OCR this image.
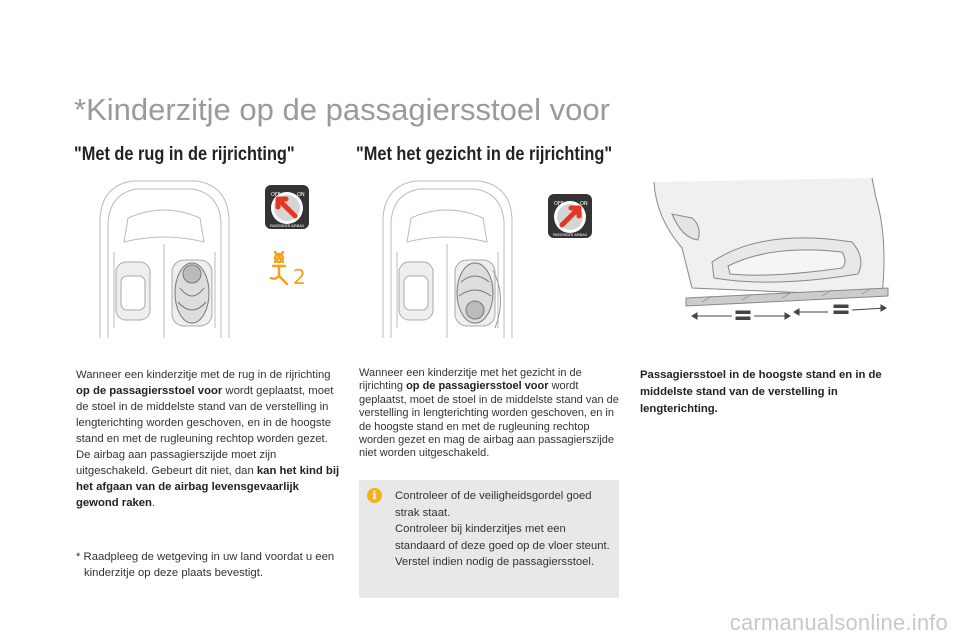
*Kinderzitje op de passagiersstoel voor
"Met de rug in de rijrichting"	"Met het gezicht in de rijrichting"
OFF	ON
PASSENGER AIRBAG
2
OFF	ON
PASSENGER AIRBAG

Wanneer een kinderzitje met de rug in de rijrichting op de passagiersstoel voor wordt geplaatst, moet de stoel in de middelste stand van de verstelling in lengterichting worden geschoven, en in de hoogste stand en met de rugleuning rechtop worden gezet.
De airbag aan passagierszijde moet zijn uitgeschakeld. Gebeurt dit niet, dan kan het kind bij het afgaan van de airbag levensgevaarlijk gewond raken.

* Raadpleeg de wetgeving in uw land voordat u een kinderzitje op deze plaats bevestigt.

Wanneer een kinderzitje met het gezicht in de rijrichting op de passagiersstoel voor wordt geplaatst, moet de stoel in de middelste stand van de verstelling in lengterichting worden geschoven, en in de hoogste stand en met de rugleuning rechtop worden gezet en mag de airbag aan passagierszijde niet worden uitgeschakeld.

i	Controleer of de veiligheidsgordel goed strak staat.
Controleer bij kinderzitjes met een standaard of deze goed op de vloer steunt. Verstel indien nodig de passagiersstoel.

Passagiersstoel in de hoogste stand en in de middelste stand van de verstelling in lengterichting.

carmanualsonline.info
